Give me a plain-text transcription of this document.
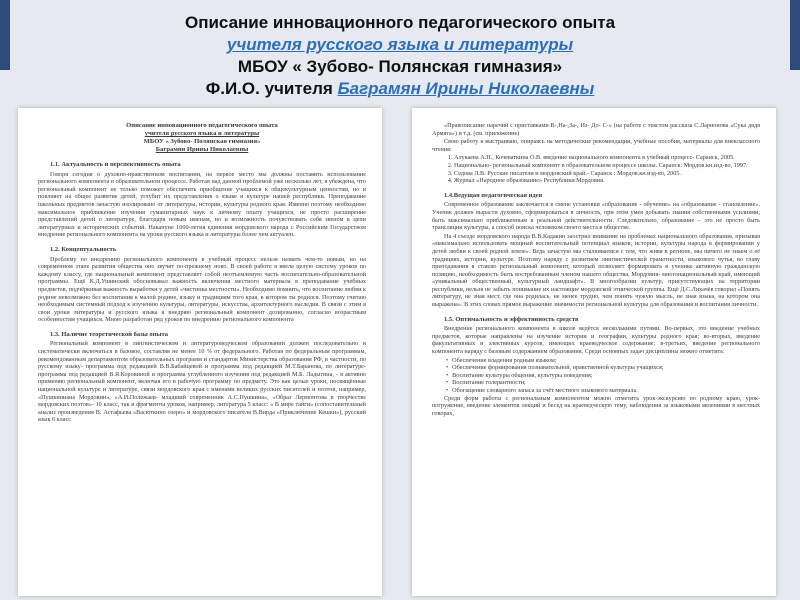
Описание инновационного педагогического опыта
учителя русского языка и литературы
МБОУ « Зубово- Полянская гимназия»
Ф.И.О. учителя Баграмян Ирины Николаевны
Описание инновационного педагогического опыта
учителя русского языка и литературы
МБОУ « Зубово- Полянская гимназия»
Баграмян Ирины Николаевны
1.1. Актуальность и перспективность опыта

Говоря сегодня о духовно-нравственном воспитании, на первое место мы должны поставить использование регионального компонента в образовательном процессе. Работая над данной проблемой уже несколько лет, я убеждена, что региональный компонент не только поможет обеспечить приобщение учащихся к общекультурным ценностям, но и повлияет на общее развитие детей, углубит их представления о языке и культуре нашей республики. Преподавание школьных предметов зачастую изолировано от литературы, истории, культуры родного края. Именно поэтому необходимо максимальное приближение изучения гуманитарных наук к личному опыту учащихся, не просто расширение представлений детей о литературе, благодаря новым именам, но и возможность почувствовать себя звеном в цепи литературных и исторических событий. Накануне 1000-летия единения мордовского народа с Российским Государством внедрение регионального компонента на уроки русского языка и литературы более чем актуален.

1.2. Концептуальность

Проблему по внедрению регионального компонента в учебный процесс нельзя назвать чем-то новым, но на современном этапе развития общества оно звучит по-прежнему ново. В своей работе я ввела целую систему уроков по каждому классу, где национальный компонент представляет собой неотъемлемую часть воспитательно-образовательной программы. Ещё К.Д.Ушинский обосновывал важность включения местного материала в преподавание учебных предметов, подчёркивая важность выработки у детей «чистинка местности». Необходимо помнить, что воспитание любви к родине невозможно без воспитания к малой родине, языку и традициям того края, в котором ты родился. Поэтому считаю необходимым системный подход к изучению культуры, литературы, искусства, архитектурного наследия. В связи с этим в свои уроки литературы и русского языка я внедряю региональный компонент дозированно, согласно возрастным особенностям учащихся. Мною разработан ряд уроков по внедрению регионального компонента

1.3. Наличие теоретической базы опыта

Региональный компонент в лингвистическом и литературоведческом образовании должен последовательно и систематически включаться в базовое, составляя не менее 10 % от федерального. Работая по федеральным программам, рекомендованным департаментом образовательных программ и стандартов Министерства образования РФ, в частности, по русскому языку- программа под редакцией В.В.Бабайцевой и программа под редакцией М.Т.Баранова, по литературе- программа под редакцией В.Я.Коровиной и программа углубленного изучения под редакцией М.Б. Ладыгина, - я активно применяю региональный компонент, включая его в рабочую программу по предмету. Это как целые уроки, посвящённые национальной культуре и литературе, связи мордовского края с именами великих русских писателей и поэтов, например, «Пушкиниана Мордовии», «А.И.Полежаев- младший современник А.С.Пушкина», «Образ Лермонтова в творчестве мордовских поэтов»- 10 класс, так и фрагменты уроков, например, литература 5 класс: « В мире тайги» (сопоставительный анализ произведения В. Астафьева «Васюткино озеро» и мордовского писателя В.Вирда «Приключение Кешки»), русский язык 6 класс

«Правописание наречий с приставками В-,На-,За-, Из- До- С-» (на работе с текстом рассказа С.Ларионова «Сука дядя Армята») и т.д. (см. приложение)

Свою работу я выстраиваю, опираясь на методические рекомендации, учебные пособия, материалы для внеклассного чтения:

1. Алукаева А.П., Кочеваткина О.В. введение национального компонента в учебный процесс- Саранск, 2005.
2. Национально- региональный компонент в образовательном процессе школы. Саранск: Мордов.кн.изд-во, 1997.
3. Седова Л.В. Русские писатели и мордовский край.- Саранск : Мордов.кн.изд-во, 2005.
4. Журнал «Народное образование» Республики Мордовия.
1.4.Ведущая педагогическая идея

Современное образование заключается в смене установки «образование - обучение» на «образование - становление». Ученик должен вырасти духовно, сформироваться в личность, при этом умея добывать знания собственными усилиями, быть максимально приближенным к реальной действительности. Следовательно, образование – это не просто быть трансляции культуры, а способ поиска человеком своего места в обществе.

На 4 съезде мордовского народа В.В.Кадакин заострил внимание на проблемах национального образования, призывая «максимально использовать мощный воспитательный потенциал языков, истории, культуры народа в формировании у детей любви к своей родной земле». Ведь зачастую мы сталкиваемся с тем, что живя в регионе, мы ничего не знаем о её традициях, истории, культуре. Поэтому наряду с развитием лингвистической грамотности, языкового чутья, во главу преподавания я ставлю региональный компонент, который позволяет формировать в ученике активную гражданскую позицию, необходимость быть востребованным членом нашего общества. Мордовия- многонациональный край, имеющий «уникальный общественный, культурный ландшафт». В многообразии культур, присутствующих на территории республики, нельзя не забыть понимание их настоящие мордовской этнической группы. Ещё Д.С.Лихачёв говорил «Понять литературу, не зная мест, где она родилась, не менее трудно, чем понять чужую мысль, не зная языка, на котором она выражена». В этих словах прямое выражение значимости региональной культуры для образования и воспитания личности.

1.5. Оптимальность и эффективность средств

Внедрение регионального компонента в школе ведётся несколькими путями. Во-первых, это введение учебных предметов, которые направлены на изучение истории и географии, культуры родного края; во-вторых, введение факультативных и элективных курсов, имеющих краеведческое содержание; в-третьих, введение регионального компонента наряду с базовым содержанием образования. Среди основных задач дисциплины можно отметить:

• Обеспечение владения родным языком;
• Обеспечение формирования познавательной, нравственной культуры учащихся;
• Воспитание культуры общения, культуры поведения;
• Воспитание толерантности;
• Обогащение словарного запаса за счёт местного языкового материала.

Среди форм работы с региональным компонентом можно отметить урок-экскурсию по родному краю, урок- погружение, введение элементов лекций и бесед на краеведческую тему, наблюдения за языковыми явлениями в местных говорах,
